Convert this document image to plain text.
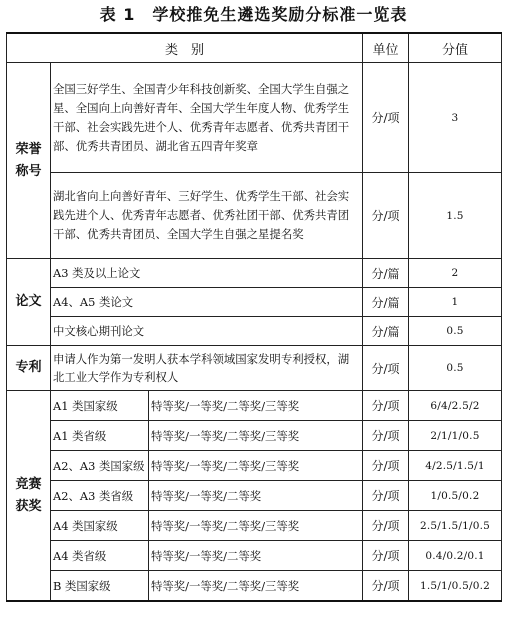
表 1　学校推免生遴选奖励分标准一览表
类　别			单位	分值
荣誉
称号	全国三好学生、全国青少年科技创新奖、全国大学生自强之星、全国向上向善好青年、全国大学生年度人物、优秀学生干部、社会实践先进个人、优秀青年志愿者、优秀共青团干部、优秀共青团员、湖北省五四青年奖章		分/项	3
	湖北省向上向善好青年、三好学生、优秀学生干部、社会实践先进个人、优秀青年志愿者、优秀社团干部、优秀共青团干部、优秀共青团员、全国大学生自强之星提名奖		分/项	1.5
论文	A3 类及以上论文		分/篇	2
	A4、A5 类论文		分/篇	1
	中文核心期刊论文		分/篇	0.5
专利	申请人作为第一发明人获本学科领域国家发明专利授权，湖北工业大学作为专利权人		分/项	0.5
竞赛
获奖	A1 类国家级	特等奖/一等奖/二等奖/三等奖	分/项	6/4/2.5/2
	A1 类省级	特等奖/一等奖/二等奖/三等奖	分/项	2/1/1/0.5
	A2、A3 类国家级	特等奖/一等奖/二等奖/三等奖	分/项	4/2.5/1.5/1
	A2、A3 类省级	特等奖/一等奖/二等奖	分/项	1/0.5/0.2
	A4 类国家级	特等奖/一等奖/二等奖/三等奖	分/项	2.5/1.5/1/0.5
	A4 类省级	特等奖/一等奖/二等奖	分/项	0.4/0.2/0.1
	B 类国家级	特等奖/一等奖/二等奖/三等奖	分/项	1.5/1/0.5/0.2
